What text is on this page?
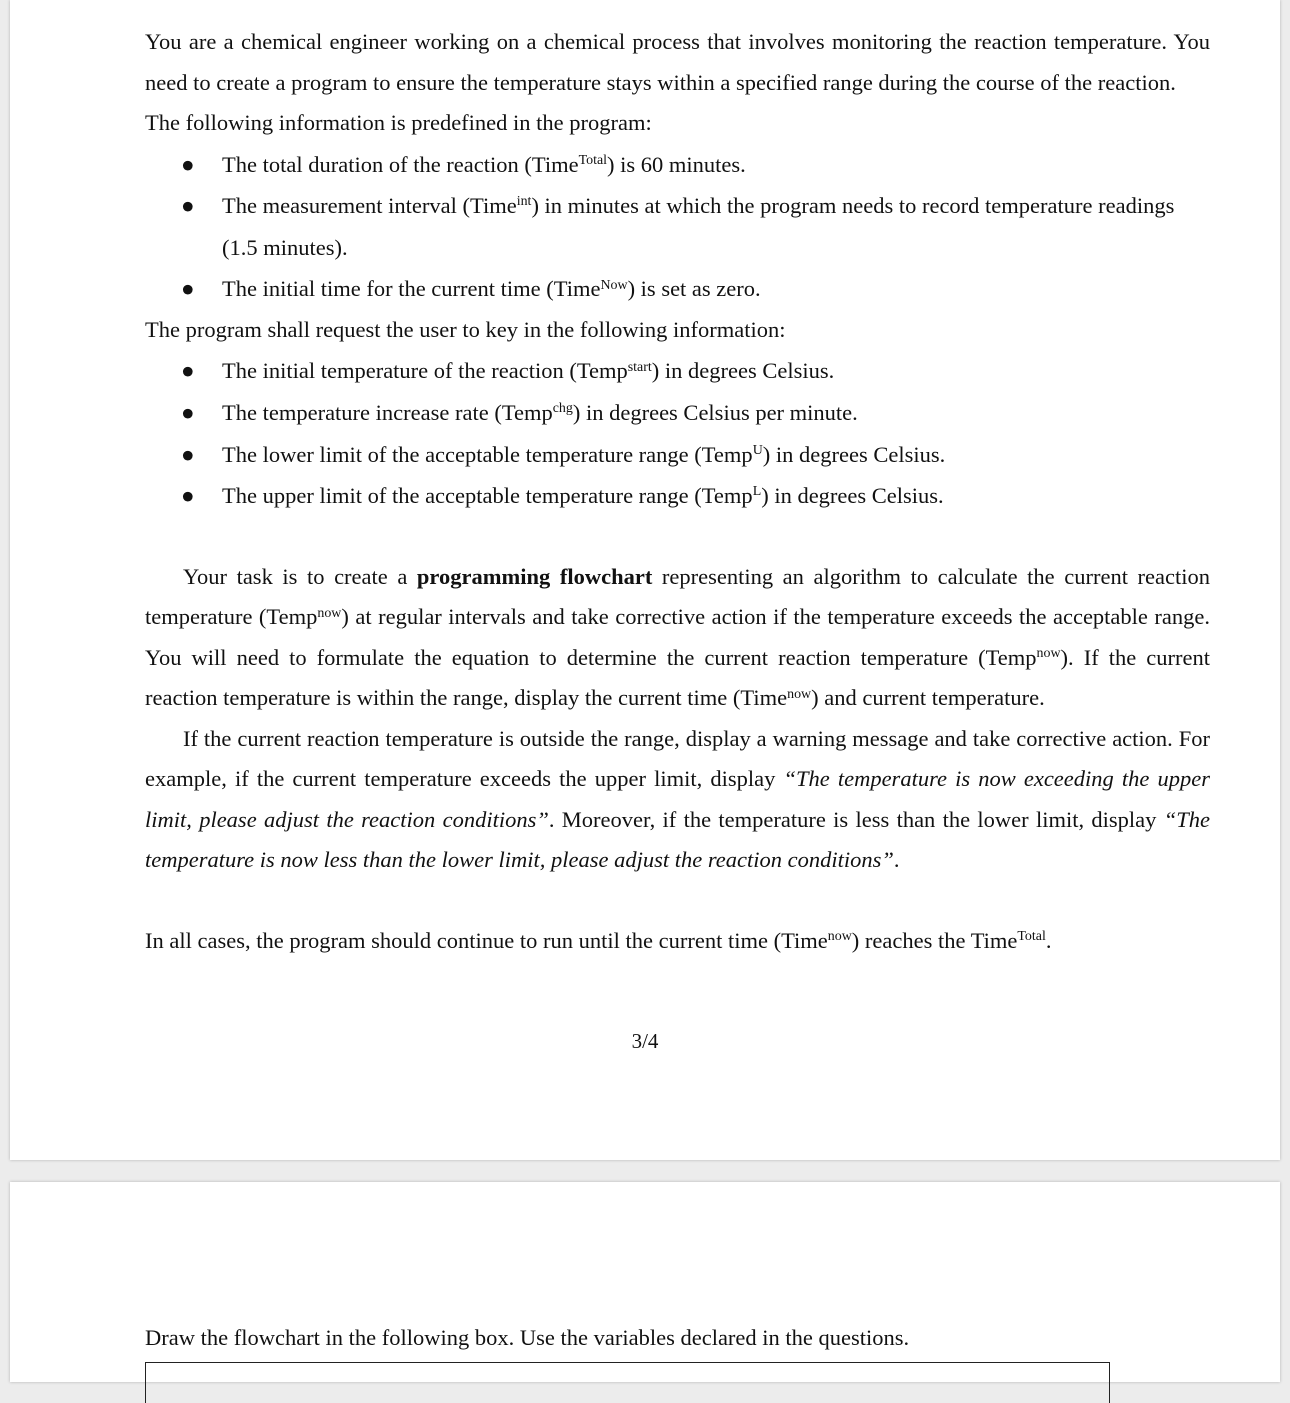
You are a chemical engineer working on a chemical process that involves monitoring the reaction temperature. You need to create a program to ensure the temperature stays within a specified range during the course of the reaction.

The following information is predefined in the program:

● The total duration of the reaction (Time$^{Total}$) is 60 minutes.
● The measurement interval (Time$^{int}$) in minutes at which the program needs to record temperature readings (1.5 minutes).
● The initial time for the current time (Time$^{Now}$) is set as zero.

The program shall request the user to key in the following information:

● The initial temperature of the reaction (Temp$^{start}$) in degrees Celsius.
● The temperature increase rate (Temp$^{chg}$) in degrees Celsius per minute.
● The lower limit of the acceptable temperature range (Temp$^U$) in degrees Celsius.
● The upper limit of the acceptable temperature range (Temp$^L$) in degrees Celsius.

Your task is to create a programming flowchart representing an algorithm to calculate the current reaction temperature (Temp$^{now}$) at regular intervals and take corrective action if the temperature exceeds the acceptable range. You will need to formulate the equation to determine the current reaction temperature (Temp$^{now}$). If the current reaction temperature is within the range, display the current time (Time$^{now}$) and current temperature.

If the current reaction temperature is outside the range, display a warning message and take corrective action. For example, if the current temperature exceeds the upper limit, display “The temperature is now exceeding the upper limit, please adjust the reaction conditions”. Moreover, if the temperature is less than the lower limit, display “The temperature is now less than the lower limit, please adjust the reaction conditions”.

In all cases, the program should continue to run until the current time (Time$^{now}$) reaches the Time$^{Total}$.

3/4
Draw the flowchart in the following box. Use the variables declared in the questions.
